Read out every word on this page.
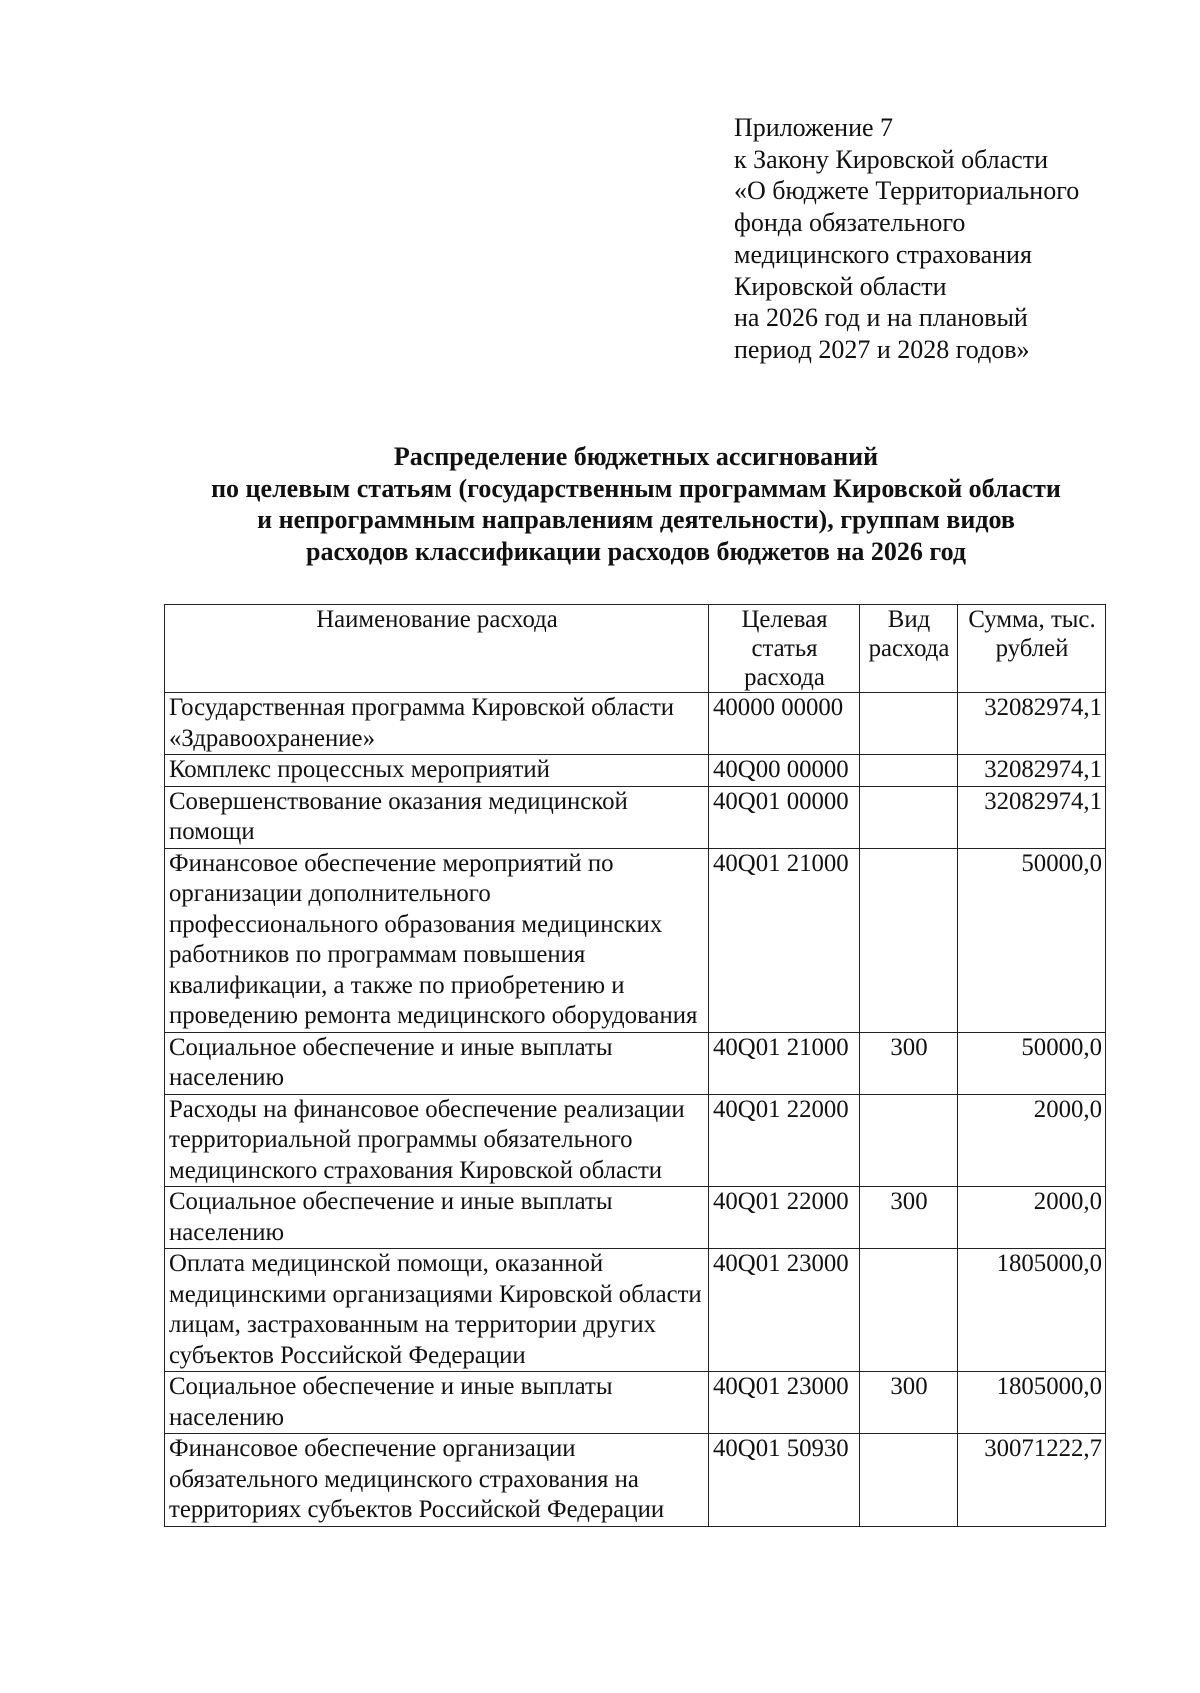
Приложение 7
к Закону Кировской области
«О бюджете Территориального
фонда обязательного
медицинского страхования
Кировской области
на 2026 год и на плановый
период 2027 и 2028 годов»
Распределение бюджетных ассигнований
по целевым статьям (государственным программам Кировской области
и непрограммным направлениям деятельности), группам видов
расходов классификации расходов бюджетов на 2026 год
Наименование расхода	Целевая статья расхода	Вид расхода	Сумма, тыс. рублей
Государственная программа Кировской области «Здравоохранение»	40000 00000		32082974,1
Комплекс процессных мероприятий	40Q00 00000		32082974,1
Совершенствование оказания медицинской помощи	40Q01 00000		32082974,1
Финансовое обеспечение мероприятий по организации дополнительного профессионального образования медицинских работников по программам повышения квалификации, а также по приобретению и проведению ремонта медицинского оборудования	40Q01 21000		50000,0
Социальное обеспечение и иные выплаты населению	40Q01 21000	300	50000,0
Расходы на финансовое обеспечение реализации территориальной программы обязательного медицинского страхования Кировской области	40Q01 22000		2000,0
Социальное обеспечение и иные выплаты населению	40Q01 22000	300	2000,0
Оплата медицинской помощи, оказанной медицинскими организациями Кировской области лицам, застрахованным на территории других субъектов Российской Федерации	40Q01 23000		1805000,0
Социальное обеспечение и иные выплаты населению	40Q01 23000	300	1805000,0
Финансовое обеспечение организации обязательного медицинского страхования на территориях субъектов Российской Федерации	40Q01 50930		30071222,7
